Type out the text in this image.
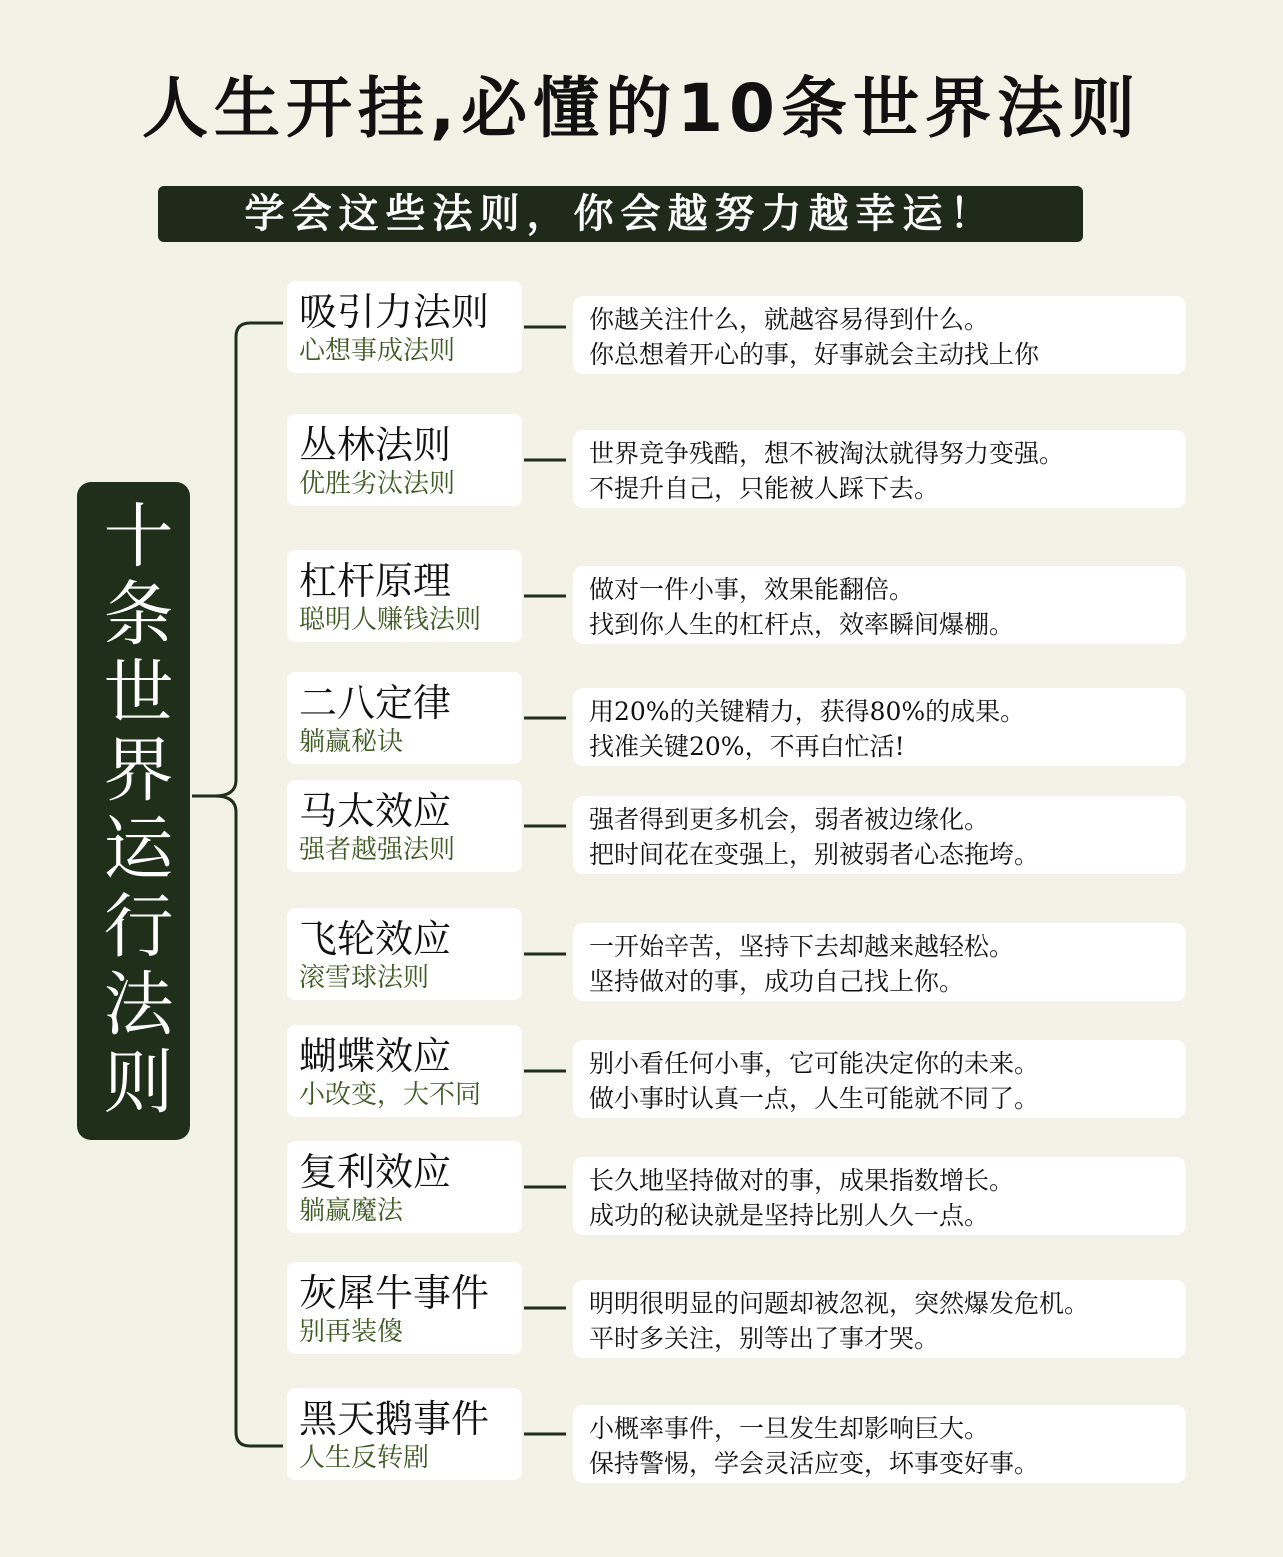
人生开挂,必懂的10条世界法则
学会这些法则，你会越努力越幸运！
十条世界运行法则
吸引力法则
心想事成法则
你越关注什么，就越容易得到什么。
你总想着开心的事，好事就会主动找上你
丛林法则
优胜劣汰法则
世界竞争残酷，想不被淘汰就得努力变强。
不提升自己，只能被人踩下去。
杠杆原理
聪明人赚钱法则
做对一件小事，效果能翻倍。
找到你人生的杠杆点，效率瞬间爆棚。
二八定律
躺赢秘诀
用20%的关键精力，获得80%的成果。
找准关键20%，不再白忙活!
马太效应
强者越强法则
强者得到更多机会，弱者被边缘化。
把时间花在变强上，别被弱者心态拖垮。
飞轮效应
滚雪球法则
一开始辛苦，坚持下去却越来越轻松。
坚持做对的事，成功自己找上你。
蝴蝶效应
小改变，大不同
别小看任何小事，它可能决定你的未来。
做小事时认真一点，人生可能就不同了。
复利效应
躺赢魔法
长久地坚持做对的事，成果指数增长。
成功的秘诀就是坚持比别人久一点。
灰犀牛事件
别再装傻
明明很明显的问题却被忽视，突然爆发危机。
平时多关注，别等出了事才哭。
黑天鹅事件
人生反转剧
小概率事件，一旦发生却影响巨大。
保持警惕，学会灵活应变，坏事变好事。
